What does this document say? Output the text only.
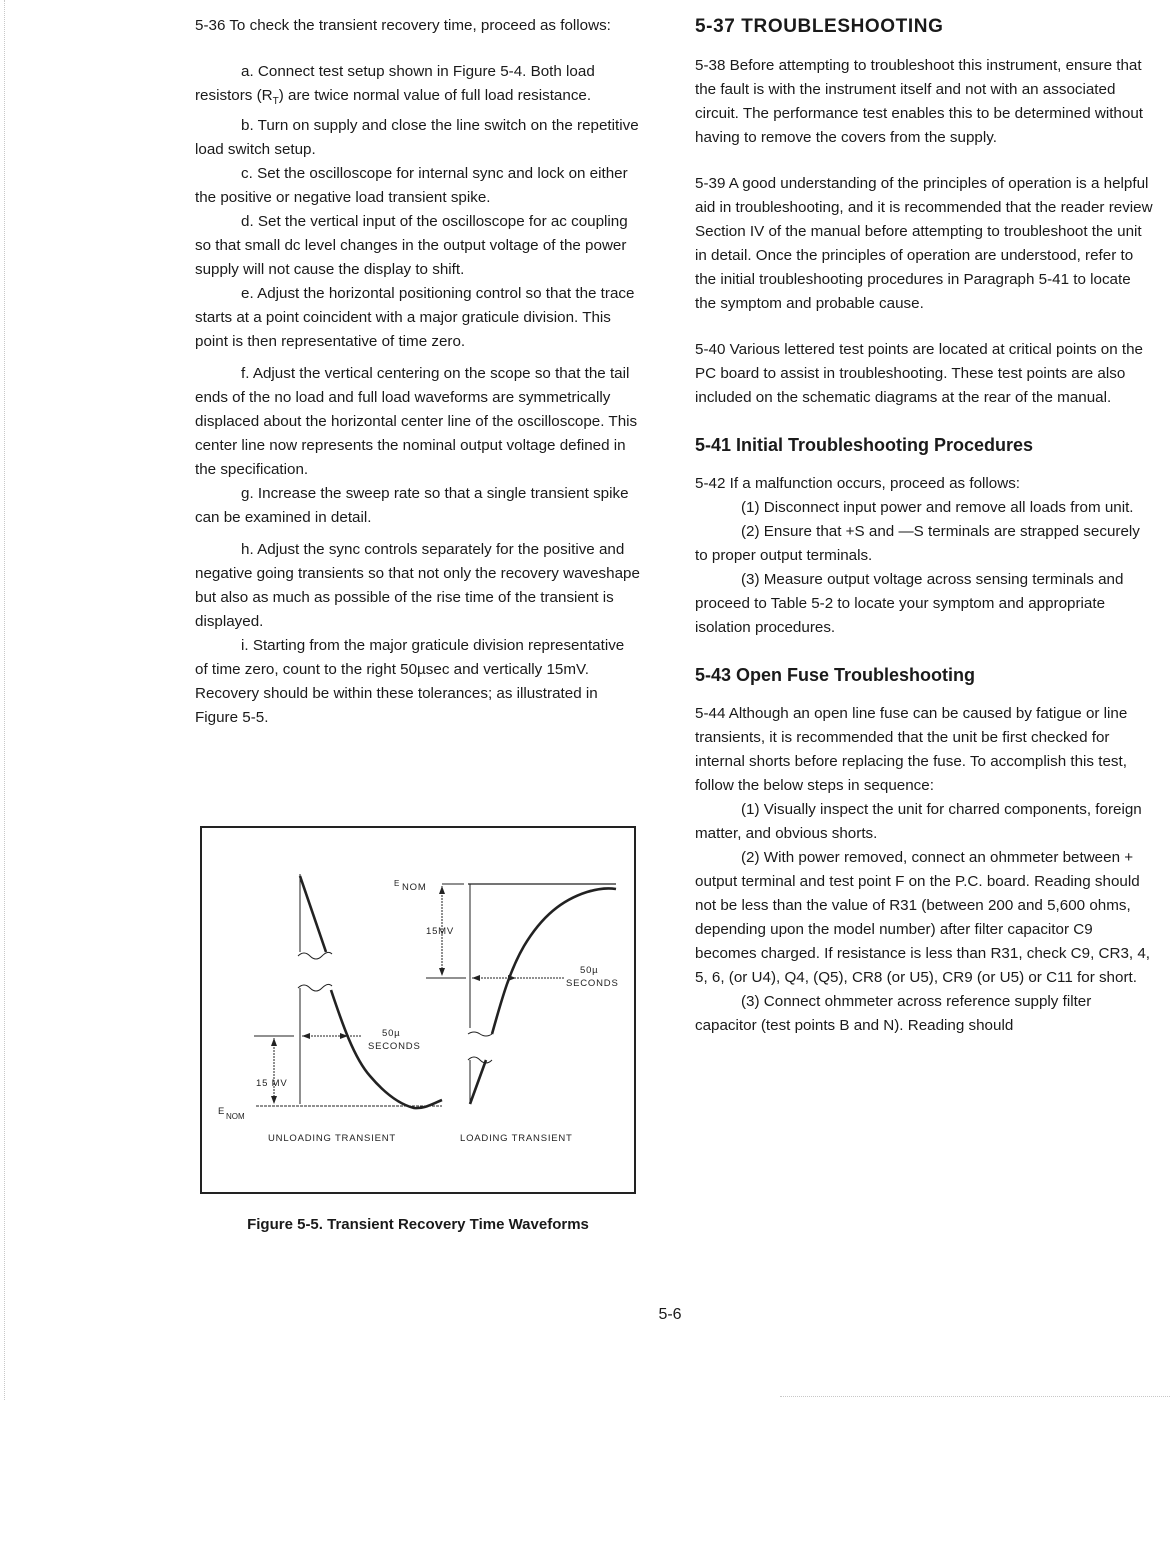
5-36 To check the transient recovery time, proceed as follows:

a. Connect test setup shown in Figure 5-4. Both load resistors $(R_T)$ are twice normal value of full load resistance.

b. Turn on supply and close the line switch on the repetitive load switch setup.

c. Set the oscilloscope for internal sync and lock on either the positive or negative load transient spike.

d. Set the vertical input of the oscilloscope for ac coupling so that small dc level changes in the output voltage of the power supply will not cause the display to shift.

e. Adjust the horizontal positioning control so that the trace starts at a point coincident with a major graticule division. This point is then representative of time zero.

f. Adjust the vertical centering on the scope so that the tail ends of the no load and full load waveforms are symmetrically displaced about the horizontal center line of the oscilloscope. This center line now represents the nominal output voltage defined in the specification.

g. Increase the sweep rate so that a single transient spike can be examined in detail.

h. Adjust the sync controls separately for the positive and negative going transients so that not only the recovery waveshape but also as much as possible of the rise time of the transient is displayed.

i. Starting from the major graticule division representative of time zero, count to the right 50µsec and vertically 15mV. Recovery should be within these tolerances; as illustrated in Figure 5-5.

E NOM
15 MV
50µ
SECONDS
UNLOADING TRANSIENT
E NOM
15MV
50µ
SECONDS
LOADING TRANSIENT
Figure 5-5. Transient Recovery Time Waveforms
5-37 TROUBLESHOOTING

5-38 Before attempting to troubleshoot this instrument, ensure that the fault is with the instrument itself and not with an associated circuit. The performance test enables this to be determined without having to remove the covers from the supply.

5-39 A good understanding of the principles of operation is a helpful aid in troubleshooting, and it is recommended that the reader review Section IV of the manual before attempting to troubleshoot the unit in detail. Once the principles of operation are understood, refer to the initial troubleshooting procedures in Paragraph 5-41 to locate the symptom and probable cause.

5-40 Various lettered test points are located at critical points on the PC board to assist in troubleshooting. These test points are also included on the schematic diagrams at the rear of the manual.

5-41 Initial Troubleshooting Procedures

5-42 If a malfunction occurs, proceed as follows:

(1) Disconnect input power and remove all loads from unit.

(2) Ensure that +S and —S terminals are strapped securely to proper output terminals.

(3) Measure output voltage across sensing terminals and proceed to Table 5-2 to locate your symptom and appropriate isolation procedures.

5-43 Open Fuse Troubleshooting

5-44 Although an open line fuse can be caused by fatigue or line transients, it is recommended that the unit be first checked for internal shorts before replacing the fuse. To accomplish this test, follow the below steps in sequence:

(1) Visually inspect the unit for charred components, foreign matter, and obvious shorts.

(2) With power removed, connect an ohmmeter between + output terminal and test point F on the P.C. board. Reading should not be less than the value of R31 (between 200 and 5,600 ohms, depending upon the model number) after filter capacitor C9 becomes charged. If resistance is less than R31, check C9, CR3, 4, 5, 6, (or U4), Q4, (Q5), CR8 (or U5), CR9 (or U5) or C11 for short.

(3) Connect ohmmeter across reference supply filter capacitor (test points B and N). Reading should

5-6
